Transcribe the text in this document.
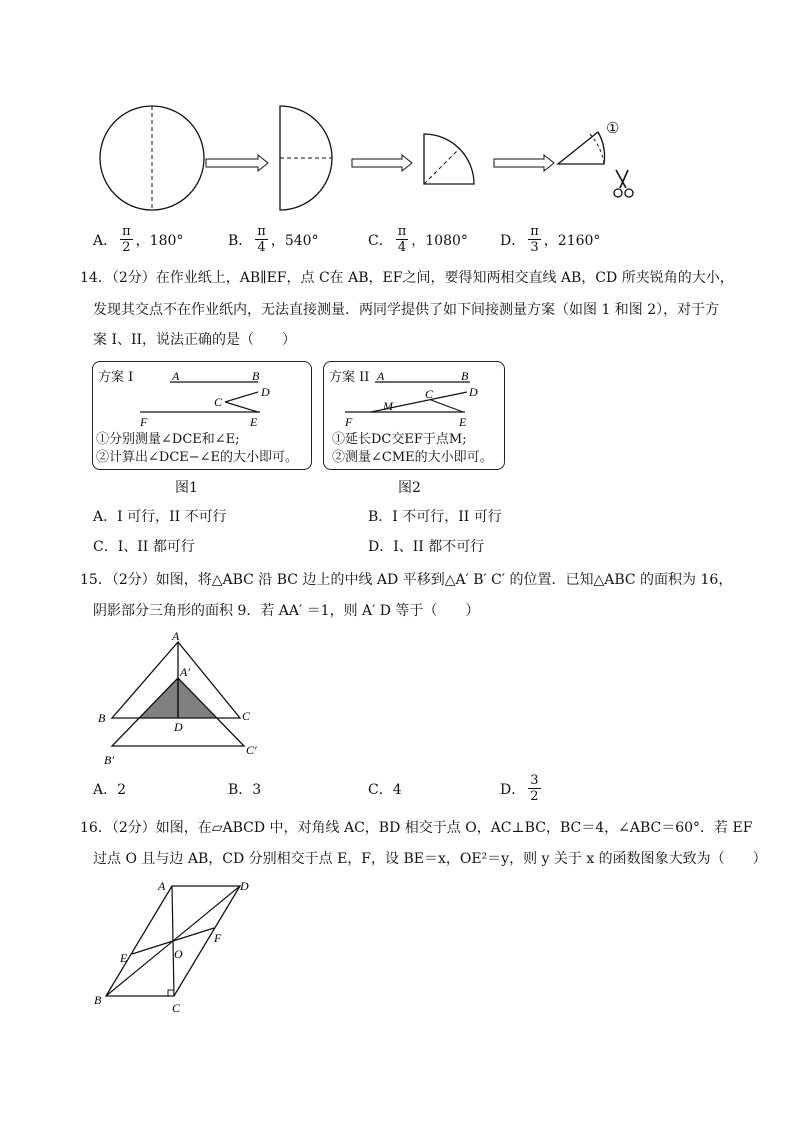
①
A． $\frac{\pi}{2}$ ，180°	B． $\frac{\pi}{4}$ ，540°	C． $\frac{\pi}{4}$ ，1080° D． $\frac{\pi}{3}$ ，2160°
14．（2分）在作业纸上，AB∥EF，点 C在 AB，EF之间，要得知两相交直线 AB，CD 所夹锐角的大小，
发现其交点不在作业纸内，无法直接测量．两同学提供了如下间接测量方案（如图 1 和图 2），对于方
案 I、II，说法正确的是（　　）
方案 I	A	B
C
D
F	E
①分别测量∠DCE和∠E;
②计算出∠DCE−∠E的大小即可。
图1
方案 II A	B
C	D
M
F	E
①延长DC交EF于点M;
②测量∠CME的大小即可。
图2
A．I 可行，II 不可行	B．I 不可行，II 可行
C．I、II 都可行	D．I、II 都不可行
15．（2分）如图，将△ABC 沿 BC 边上的中线 AD 平移到△A′ B′ C′ 的位置．已知△ABC 的面积为 16，
阴影部分三角形的面积 9．若 AA′ ＝1，则 A′ D 等于（　　）
A
A′
B	C
D
B′
C′
A．2	B．3	C．4	D． $\frac{3}{2}$
16．（2分）如图，在▱ABCD 中，对角线 AC，BD 相交于点 O，AC⊥BC，BC＝4，∠ABC＝60°．若 EF
过点 O 且与边 AB，CD 分别相交于点 E，F，设 BE＝x，OE²＝y，则 y 关于 x 的函数图象大致为（　　）
A	D
E
F
O
B
C
